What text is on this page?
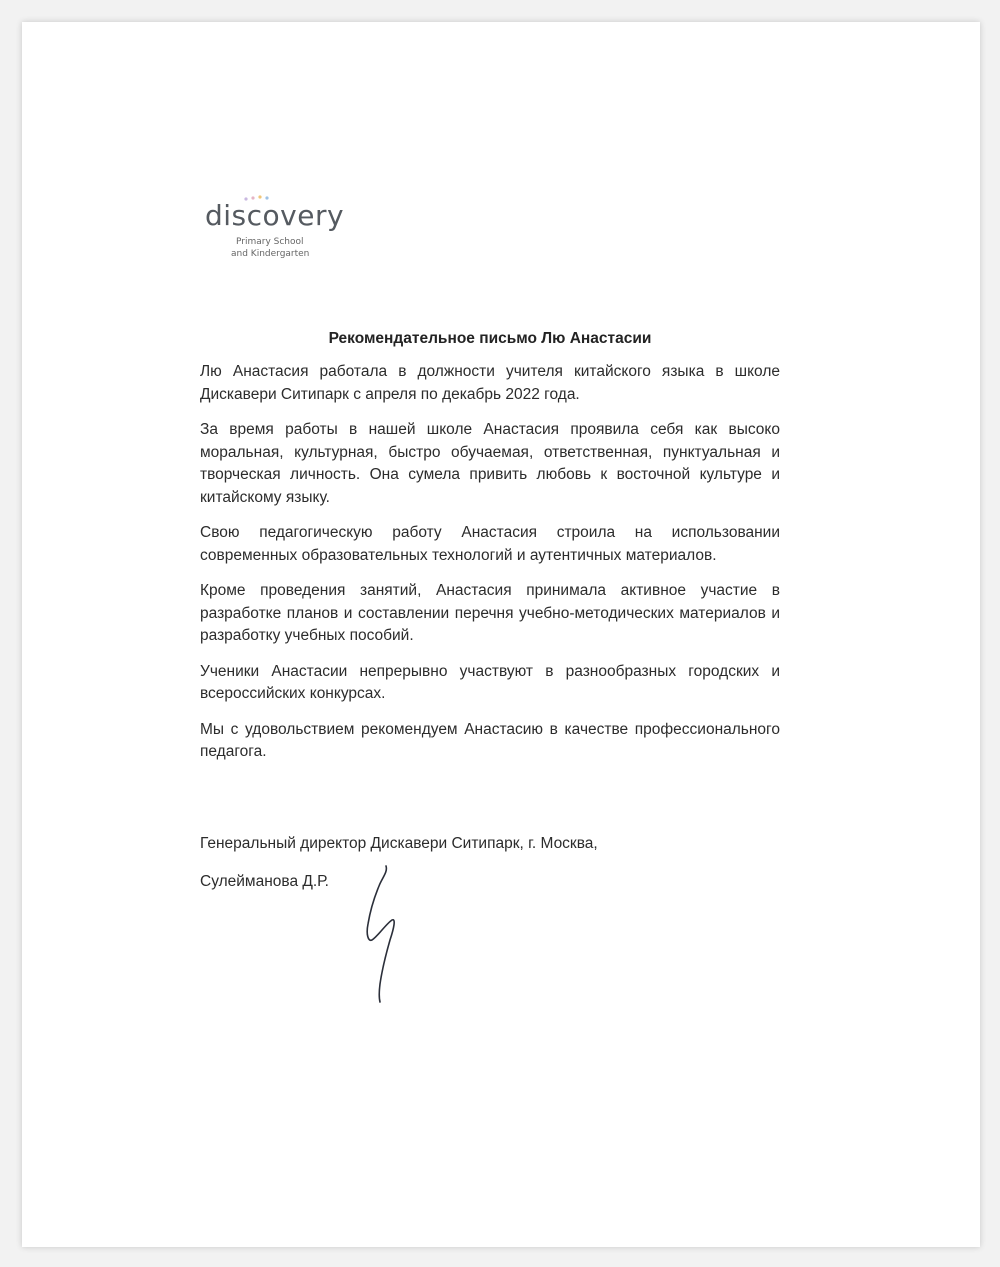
discovery
Primary School
and Kindergarten
Рекомендательное письмо Лю Анастасии

Лю Анастасия работала в должности учителя китайского языка в школе Дискавери Ситипарк с апреля по декабрь 2022 года.

За время работы в нашей школе Анастасия проявила себя как высоко моральная, культурная, быстро обучаемая, ответственная, пунктуальная и творческая личность. Она сумела привить любовь к восточной культуре и китайскому языку.

Свою педагогическую работу Анастасия строила на использовании современных образовательных технологий и аутентичных материалов.

Кроме проведения занятий, Анастасия принимала активное участие в разработке планов и составлении перечня учебно-методических материалов и разработку учебных пособий.

Ученики Анастасии непрерывно участвуют в разнообразных городских и всероссийских конкурсах.

Мы с удовольствием рекомендуем Анастасию в качестве профессионального педагога.

Генеральный директор Дискавери Ситипарк, г. Москва,
Сулейманова Д.Р.
